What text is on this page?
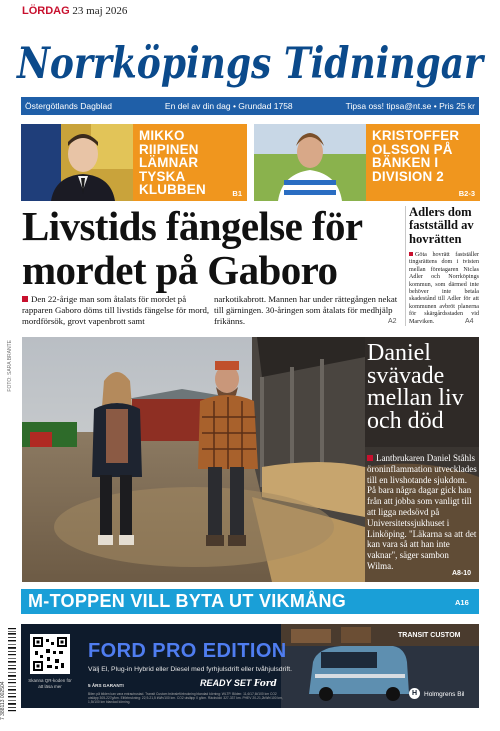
LÖRDAG 23 maj 2026
Norrköpings Tidningar
Östergötlands Dagblad	En del av din dag • Grundad 1758	Tipsa oss! tipsa@nt.se • Pris 25 kr
MIKKO RIIPINEN LÄMNAR TYSKA KLUBBEN	B1
KRISTOFFER OLSSON PÅ BÄNKEN I DIVISION 2
B2-3
Livstids fängelse för mordet på Gaboro
Den 22-årige man som åtalats för mordet på rapparen Gaboro döms till livstids fängelse för mord, mordförsök, grovt vapenbrott samt
narkotikabrott. Mannen har under rättegången nekat till gärningen. 30-åringen som åtalats för medhjälp frikänns.	A2
Adlers dom fastställd av hovrätten
Göta hovrätt fastställer tingsrättens dom i tvisten mellan företagaren Niclas Adler och Norrköpings kommun, som därmed inte behöver inte betala skadestånd till Adler för att kommunen avbröt planerna för skärgårdsstaden vid Marviken.	A4
FOTO: SARA BRANTE	Daniel svävade mellan liv och död
Lantbrukaren Daniel Ståhls öroninflammation utvecklades till en livshotande sjukdom. På bara några dagar gick han från att jobba som vanligt till att ligga nedsövd på Universitetssjukhuset i Linköping. "Läkarna sa att det kan vara så att han inte vaknar", säger sambon Wilma.
A8-10
M-TOPPEN VILL BYTA UT VIKMÅNG	A16
Skanna QR-koden för att läsa mer
FORD PRO EDITION
Välj El, Plug-in Hybrid eller Diesel med fyrhjulsdrift eller tvåhjulsdrift.
5 ÅRS GARANTI
Bilen på bilden kan vara extrautrustad. Transit Custom bränsleförbrukning blandad körning: WLTP. Bilden: 11,6/17,6l/100 km CO2 utsläpp 305-227g/km. Elförbrukning: 22,9-21,5 kWh/100 km. CO2 utsläpp 0 g/km. Räckvidd: 327-337 km. PHEV 20-21,2kWh/100 km, 1,5l/100 km blandad körning.
READY SET Ford
TRANSIT CUSTOM
H	Holmgrens Bil
7 388113 002504
